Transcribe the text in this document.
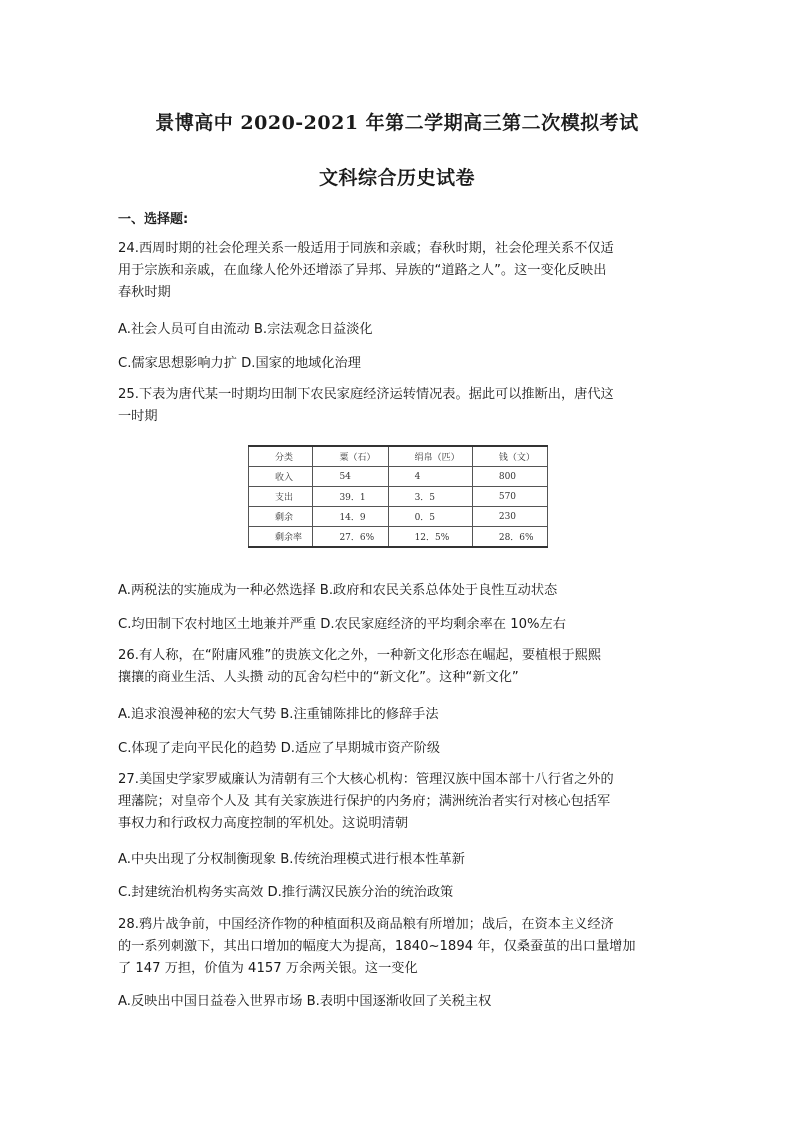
景博高中 2020-2021 年第二学期高三第二次模拟考试
文科综合历史试卷
一、选择题:
24.西周时期的社会伦理关系一般适用于同族和亲戚；春秋时期，社会伦理关系不仅适
用于宗族和亲戚，在血缘人伦外还增添了异邦、异族的“道路之人”。这一变化反映出
春秋时期
A.社会人员可自由流动 B.宗法观念日益淡化
C.儒家思想影响力扩 D.国家的地域化治理
25.下表为唐代某一时期均田制下农民家庭经济运转情况表。据此可以推断出，唐代这
一时期
分类	粟（石）	绢帛（匹）	钱（文）
收入	54	4	800
支出	39．1	3．5	570
剩余	14．9	0．5	230
剩余率	27．6%	12．5%	28．6%
A.两税法的实施成为一种必然选择 B.政府和农民关系总体处于良性互动状态
C.均田制下农村地区土地兼并严重 D.农民家庭经济的平均剩余率在 10%左右
26.有人称，在“附庸风雅”的贵族文化之外，一种新文化形态在崛起，要植根于熙熙
攘攘的商业生活、人头攒 动的瓦舍勾栏中的“新文化”。这种“新文化”
A.追求浪漫神秘的宏大气势 B.注重铺陈排比的修辞手法
C.体现了走向平民化的趋势 D.适应了早期城市资产阶级
27.美国史学家罗威廉认为清朝有三个大核心机构：管理汉族中国本部十八行省之外的
理藩院；对皇帝个人及 其有关家族进行保护的内务府；满洲统治者实行对核心包括军
事权力和行政权力高度控制的军机处。这说明清朝
A.中央出现了分权制衡现象 B.传统治理模式进行根本性革新
C.封建统治机构务实高效 D.推行满汉民族分治的统治政策
28.鸦片战争前，中国经济作物的种植面积及商品粮有所增加；战后，在资本主义经济
的一系列刺激下，其出口增加的幅度大为提高，1840~1894 年，仅桑蚕茧的出口量增加
了 147 万担，价值为 4157 万余两关银。这一变化
A.反映出中国日益卷入世界市场 B.表明中国逐渐收回了关税主权
